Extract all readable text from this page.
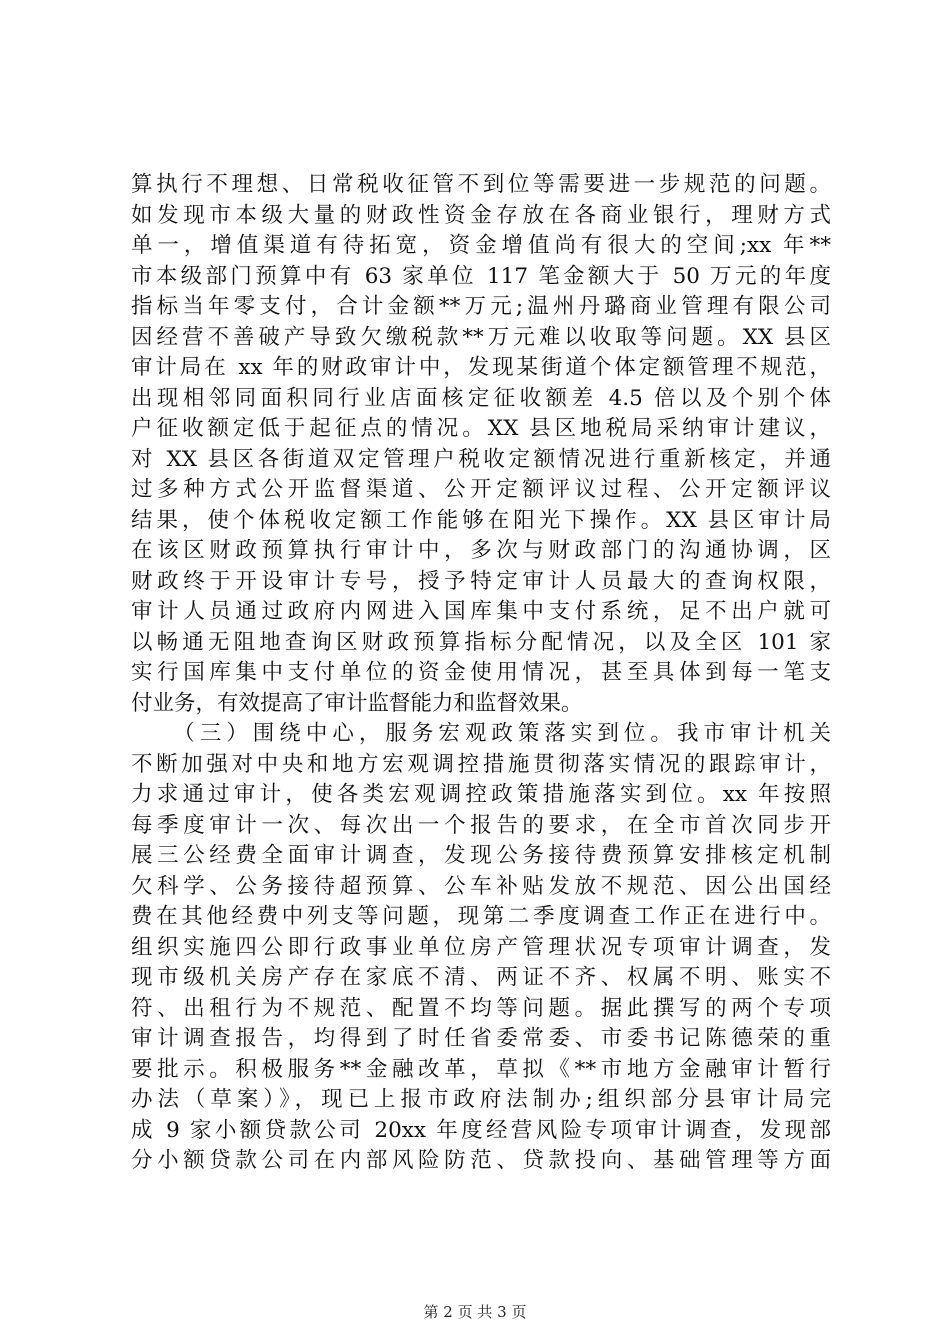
算执行不理想、日常税收征管不到位等需要进一步规范的问题。
如发现市本级大量的财政性资金存放在各商业银行，理财方式
单一，增值渠道有待拓宽，资金增值尚有很大的空间;xx 年**
市本级部门预算中有 63 家单位 117 笔金额大于 50 万元的年度
指标当年零支付，合计金额**万元;温州丹璐商业管理有限公司
因经营不善破产导致欠缴税款**万元难以收取等问题。XX 县区
审计局在 xx 年的财政审计中，发现某街道个体定额管理不规范，
出现相邻同面积同行业店面核定征收额差 4.5 倍以及个别个体
户征收额定低于起征点的情况。XX 县区地税局采纳审计建议，
对 XX 县区各街道双定管理户税收定额情况进行重新核定，并通
过多种方式公开监督渠道、公开定额评议过程、公开定额评议
结果，使个体税收定额工作能够在阳光下操作。XX 县区审计局
在该区财政预算执行审计中，多次与财政部门的沟通协调，区
财政终于开设审计专号，授予特定审计人员最大的查询权限，
审计人员通过政府内网进入国库集中支付系统，足不出户就可
以畅通无阻地查询区财政预算指标分配情况，以及全区 101 家
实行国库集中支付单位的资金使用情况，甚至具体到每一笔支
付业务，有效提高了审计监督能力和监督效果。
　　（三）围绕中心，服务宏观政策落实到位。我市审计机关
不断加强对中央和地方宏观调控措施贯彻落实情况的跟踪审计，
力求通过审计，使各类宏观调控政策措施落实到位。xx 年按照
每季度审计一次、每次出一个报告的要求，在全市首次同步开
展三公经费全面审计调查，发现公务接待费预算安排核定机制
欠科学、公务接待超预算、公车补贴发放不规范、因公出国经
费在其他经费中列支等问题，现第二季度调查工作正在进行中。
组织实施四公即行政事业单位房产管理状况专项审计调查，发
现市级机关房产存在家底不清、两证不齐、权属不明、账实不
符、出租行为不规范、配置不均等问题。据此撰写的两个专项
审计调查报告，均得到了时任省委常委、市委书记陈德荣的重
要批示。积极服务**金融改革，草拟《**市地方金融审计暂行
办法（草案）》，现已上报市政府法制办;组织部分县审计局完
成 9 家小额贷款公司 20xx 年度经营风险专项审计调查，发现部
分小额贷款公司在内部风险防范、贷款投向、基础管理等方面
第 2 页 共 3 页
